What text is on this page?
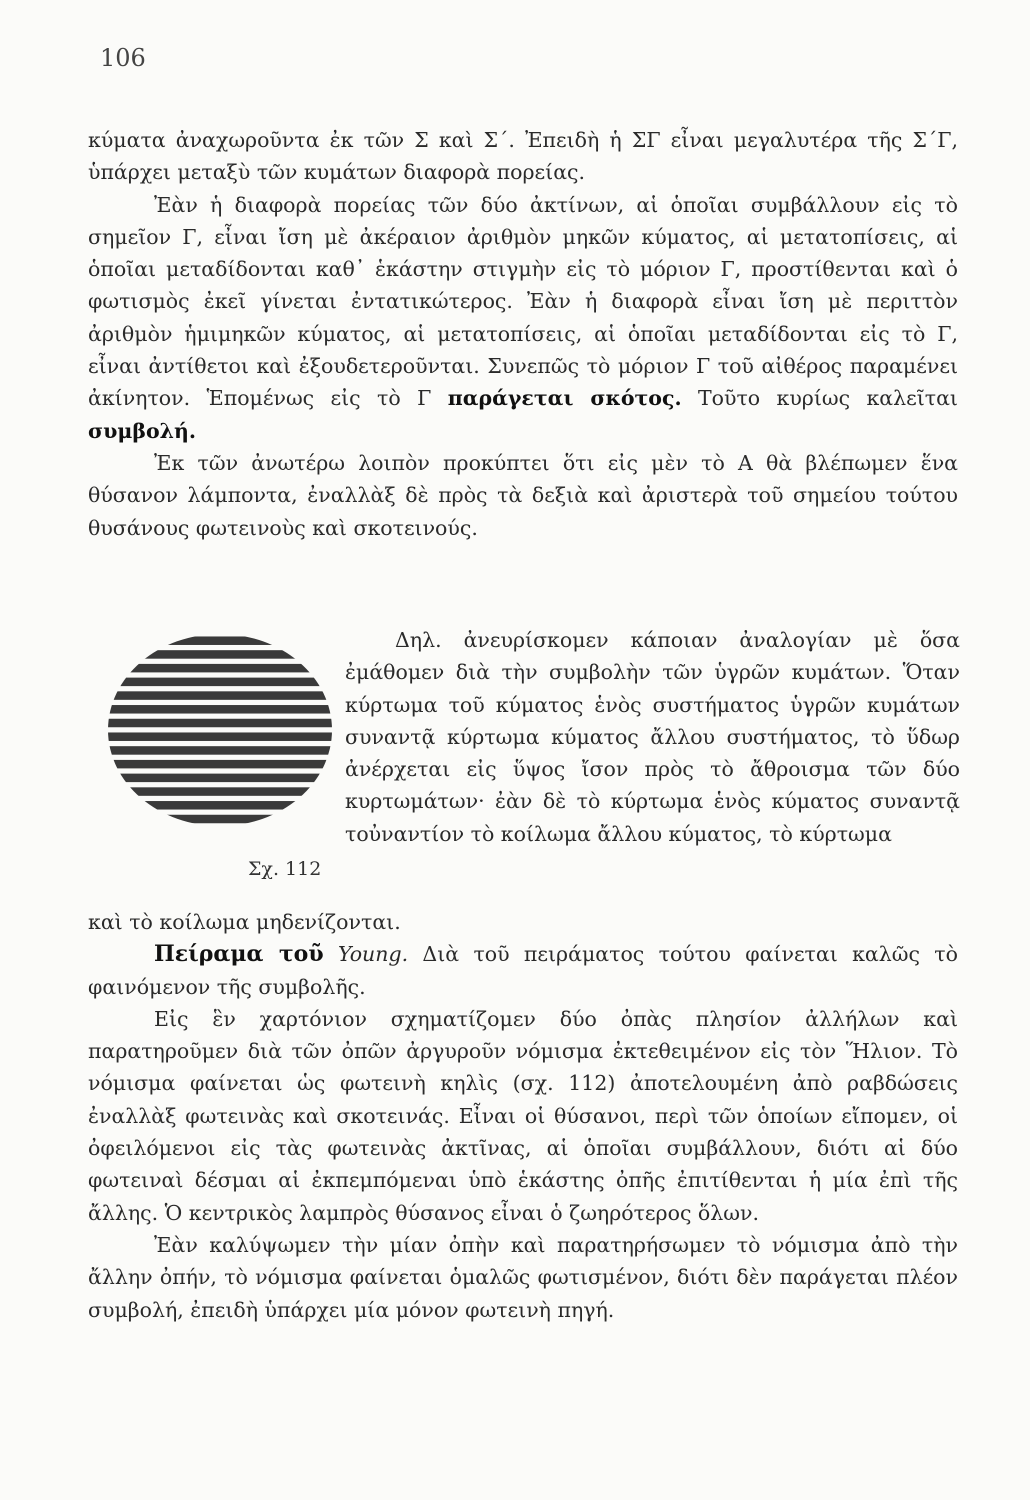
106

κύματα ἀναχωροῦντα ἐκ τῶν Σ καὶ Σ΄. Ἐπειδὴ ἡ ΣΓ εἶναι μεγαλυτέρα τῆς Σ΄Γ, ὑπάρχει μεταξὺ τῶν κυμάτων διαφορὰ πορείας.

Ἐὰν ἡ διαφορὰ πορείας τῶν δύο ἀκτίνων, αἱ ὁποῖαι συμβάλλουν εἰς τὸ σημεῖον Γ, εἶναι ἴση μὲ ἀκέραιον ἀριθμὸν μηκῶν κύματος, αἱ μετατοπίσεις, αἱ ὁποῖαι μεταδίδονται καθ᾽ ἑκάστην στιγμὴν εἰς τὸ μόριον Γ, προστίθενται καὶ ὁ φωτισμὸς ἐκεῖ γίνεται ἐντατικώτερος. Ἐὰν ἡ διαφορὰ εἶναι ἴση μὲ περιττὸν ἀριθμὸν ἡμιμηκῶν κύματος, αἱ μετατοπίσεις, αἱ ὁποῖαι μεταδίδονται εἰς τὸ Γ, εἶναι ἀντίθετοι καὶ ἐξουδετεροῦνται. Συνεπῶς τὸ μόριον Γ τοῦ αἰθέρος παραμένει ἀκίνητον. Ἑπομένως εἰς τὸ Γ παράγεται σκότος. Τοῦτο κυρίως καλεῖται συμβολή.

Ἐκ τῶν ἀνωτέρω λοιπὸν προκύπτει ὅτι εἰς μὲν τὸ Α θὰ βλέπωμεν ἕνα θύσανον λάμποντα, ἐναλλὰξ δὲ πρὸς τὰ δεξιὰ καὶ ἀριστερὰ τοῦ σημείου τούτου θυσάνους φωτεινοὺς καὶ σκοτεινούς.

Σχ. 112

Δηλ. ἀνευρίσκομεν κάποιαν ἀναλογίαν μὲ ὅσα ἐμάθομεν διὰ τὴν συμβολὴν τῶν ὑγρῶν κυμάτων. Ὅταν κύρτωμα τοῦ κύματος ἑνὸς συστήματος ὑγρῶν κυμάτων συναντᾷ κύρτωμα κύματος ἄλλου συστήματος, τὸ ὕδωρ ἀνέρχεται εἰς ὕψος ἴσον πρὸς τὸ ἄθροισμα τῶν δύο κυρτωμάτων· ἐὰν δὲ τὸ κύρτωμα ἑνὸς κύματος συναντᾷ τοὐναντίον τὸ κοίλωμα ἄλλου κύματος, τὸ κύρτωμα

καὶ τὸ κοίλωμα μηδενίζονται.

Πείραμα τοῦ Young. Διὰ τοῦ πειράματος τούτου φαίνεται καλῶς τὸ φαινόμενον τῆς συμβολῆς.

Εἰς ἓν χαρτόνιον σχηματίζομεν δύο ὀπὰς πλησίον ἀλλήλων καὶ παρατηροῦμεν διὰ τῶν ὀπῶν ἀργυροῦν νόμισμα ἐκτεθειμένον εἰς τὸν Ἥλιον. Τὸ νόμισμα φαίνεται ὡς φωτεινὴ κηλὶς (σχ. 112) ἀποτελουμένη ἀπὸ ραβδώσεις ἐναλλὰξ φωτεινὰς καὶ σκοτεινάς. Εἶναι οἱ θύσανοι, περὶ τῶν ὁποίων εἴπομεν, οἱ ὀφειλόμενοι εἰς τὰς φωτεινὰς ἀκτῖνας, αἱ ὁποῖαι συμβάλλουν, διότι αἱ δύο φωτειναὶ δέσμαι αἱ ἐκπεμπόμεναι ὑπὸ ἑκάστης ὀπῆς ἐπιτίθενται ἡ μία ἐπὶ τῆς ἄλλης. Ὁ κεντρικὸς λαμπρὸς θύσανος εἶναι ὁ ζωηρότερος ὅλων.

Ἐὰν καλύψωμεν τὴν μίαν ὀπὴν καὶ παρατηρήσωμεν τὸ νόμισμα ἀπὸ τὴν ἄλλην ὀπήν, τὸ νόμισμα φαίνεται ὁμαλῶς φωτισμένον, διότι δὲν παράγεται πλέον συμβολή, ἐπειδὴ ὑπάρχει μία μόνον φωτεινὴ πηγή.
